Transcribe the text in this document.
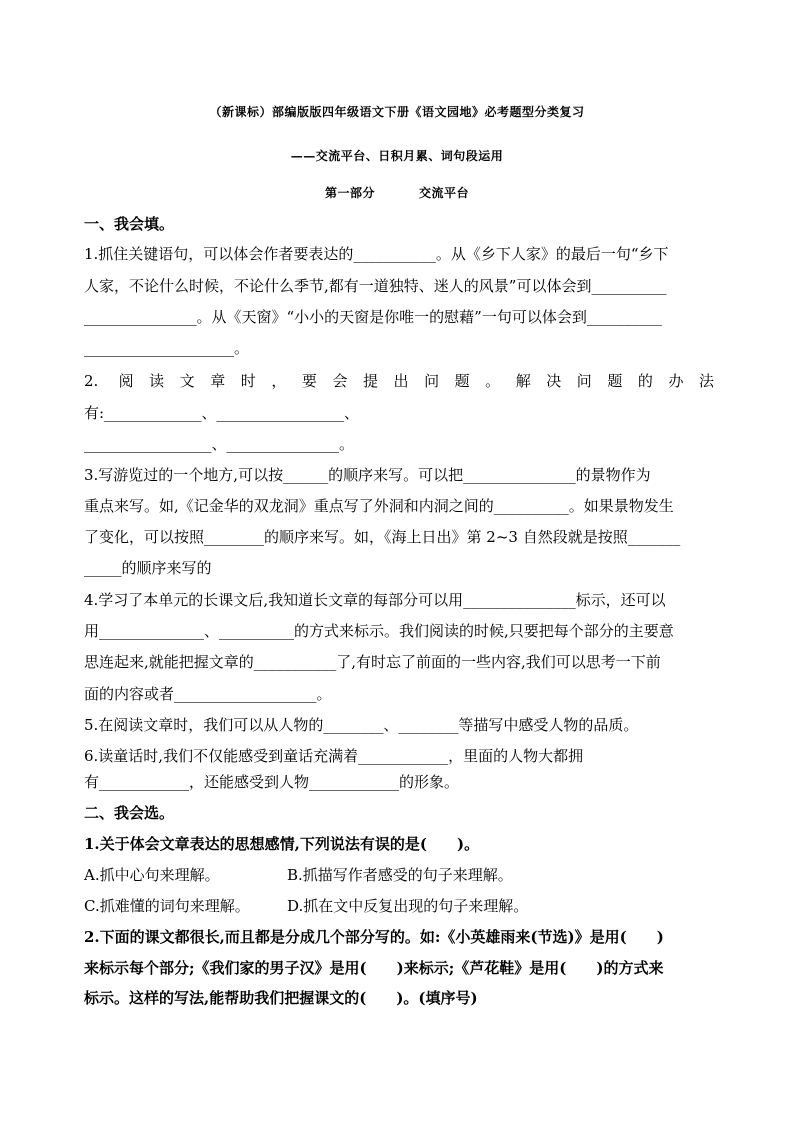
（新课标）部编版版四年级语文下册《语文园地》必考题型分类复习
——交流平台、日积月累、词句段运用
第一部分	交流平台
一、我会填。
1.抓住关键语句，可以体会作者要表达的___________。从《乡下人家》的最后一句“乡下
人家，不论什么时候，不论什么季节,都有一道独特、迷人的风景”可以体会到__________
_______________。从《天窗》“小小的天窗是你唯一的慰藉”一句可以体会到__________
____________________。
2. 阅读文章时，要会提出问题。解决问题的办法
有:_____________、_________________、
_________________、_______________。
3.写游览过的一个地方,可以按______的顺序来写。可以把_______________的景物作为
重点来写。如,《记金华的双龙洞》重点写了外洞和内洞之间的__________。如果景物发生
了变化，可以按照________的顺序来写。如，《海上日出》第 2~3 自然段就是按照_______
_____的顺序来写的
4.学习了本单元的长课文后,我知道长文章的每部分可以用_______________标示，还可以
用______________、__________的方式来标示。我们阅读的时候,只要把每个部分的主要意
思连起来,就能把握文章的___________了,有时忘了前面的一些内容,我们可以思考一下前
面的内容或者___________________。
5.在阅读文章时，我们可以从人物的________、________等描写中感受人物的品质。
6.读童话时,我们不仅能感受到童话充满着____________，里面的人物大都拥
有____________，还能感受到人物____________的形象。
二、我会选。
1.关于体会文章表达的思想感情,下列说法有误的是(　　)。
A.抓中心句来理解。	B.抓描写作者感受的句子来理解。
C.抓难懂的词句来理解。 D.抓在文中反复出现的句子来理解。
2.下面的课文都很长,而且都是分成几个部分写的。如:《小英雄雨来(节选)》是用(　　)
来标示每个部分;《我们家的男子汉》是用(　　)来标示;《芦花鞋》是用(　　)的方式来
标示。这样的写法,能帮助我们把握课文的(　　)。(填序号)
